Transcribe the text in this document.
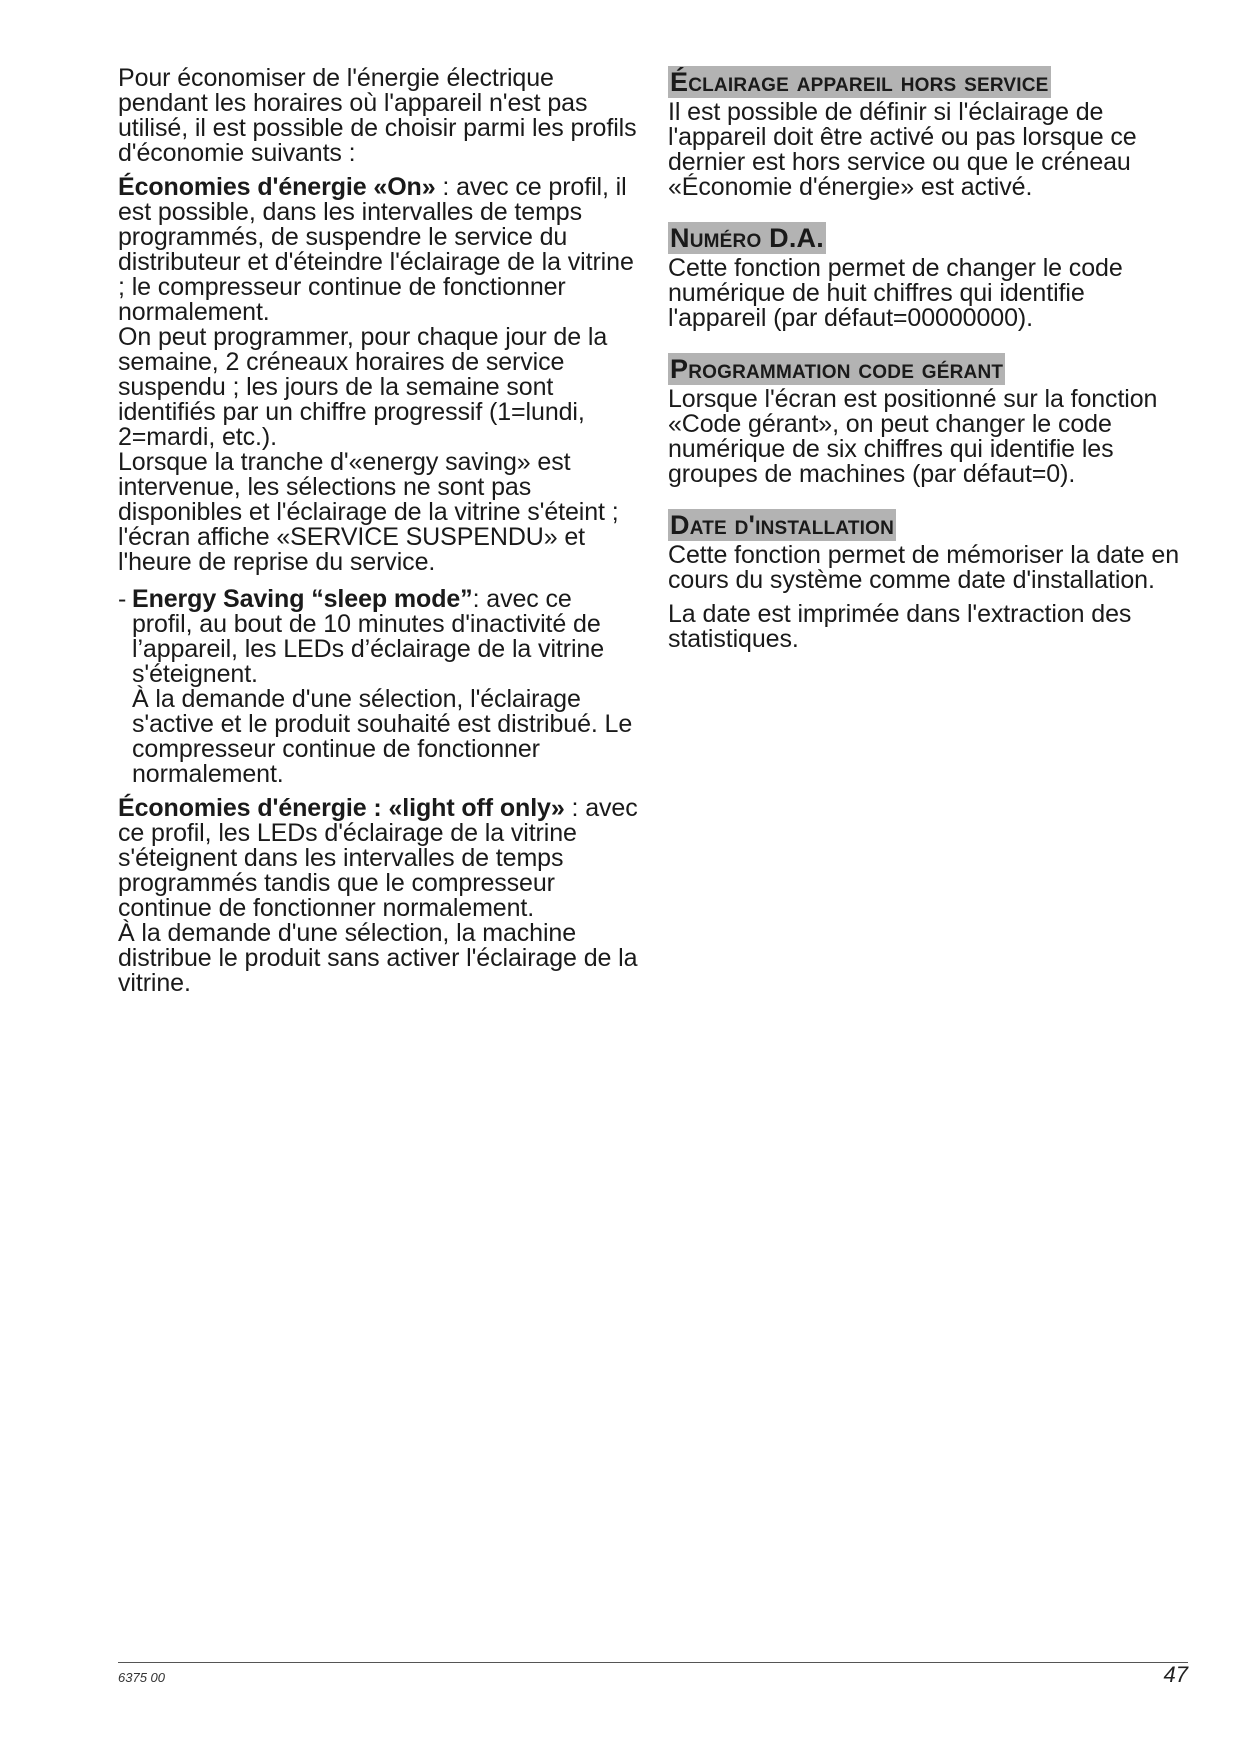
Pour économiser de l'énergie électrique pendant les horaires où l'appareil n'est pas utilisé, il est possible de choisir parmi les profils d'économie suivants :

Économies d'énergie «On» : avec ce profil, il est possible, dans les intervalles de temps programmés, de suspendre le service du distributeur et d'éteindre l'éclairage de la vitrine ; le compresseur continue de fonctionner normalement.

On peut programmer, pour chaque jour de la semaine, 2 créneaux horaires de service suspendu ; les jours de la semaine sont identifiés par un chiffre progressif (1=lundi, 2=mardi, etc.).

Lorsque la tranche d'«energy saving» est intervenue, les sélections ne sont pas disponibles et l'éclairage de la vitrine s'éteint ; l'écran affiche «SERVICE SUSPENDU» et l'heure de reprise du service.

- Energy Saving “sleep mode”: avec ce profil, au bout de 10 minutes d'inactivité de l’appareil, les LEDs d’éclairage de la vitrine s'éteignent.

À la demande d'une sélection, l'éclairage s'active et le produit souhaité est distribué. Le compresseur continue de fonctionner normalement.

Économies d'énergie : «light off only» : avec ce profil, les LEDs d'éclairage de la vitrine s'éteignent dans les intervalles de temps programmés tandis que le compresseur continue de fonctionner normalement.

À la demande d'une sélection, la machine distribue le produit sans activer l'éclairage de la vitrine.

Éclairage appareil hors service

Il est possible de définir si l'éclairage de l'appareil doit être activé ou pas lorsque ce dernier est hors service ou que le créneau «Économie d'énergie» est activé.

Numéro D.A.

Cette fonction permet de changer le code numérique de huit chiffres qui identifie l'appareil (par défaut=00000000).

Programmation code gérant

Lorsque l'écran est positionné sur la fonction «Code gérant», on peut changer le code numérique de six chiffres qui identifie les groupes de machines (par défaut=0).

Date d'installation

Cette fonction permet de mémoriser la date en cours du système comme date d'installation.

La date est imprimée dans l'extraction des statistiques.

6375 00	47
